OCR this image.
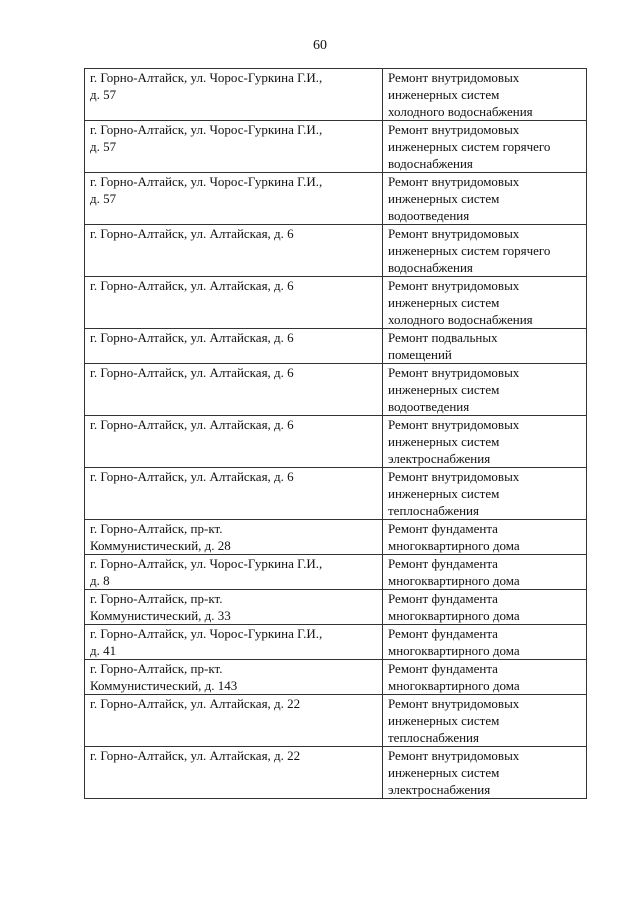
60
г. Горно-Алтайск, ул. Чорос-Гуркина Г.И.,
д. 57	Ремонт внутридомовых
инженерных систем
холодного водоснабжения

г. Горно-Алтайск, ул. Чорос-Гуркина Г.И.,
д. 57	Ремонт внутридомовых
инженерных систем горячего
водоснабжения

г. Горно-Алтайск, ул. Чорос-Гуркина Г.И.,
д. 57	Ремонт внутридомовых
инженерных систем
водоотведения

г. Горно-Алтайск, ул. Алтайская, д. 6	Ремонт внутридомовых
инженерных систем горячего
водоснабжения

г. Горно-Алтайск, ул. Алтайская, д. 6	Ремонт внутридомовых
инженерных систем
холодного водоснабжения

г. Горно-Алтайск, ул. Алтайская, д. 6	Ремонт подвальных
помещений

г. Горно-Алтайск, ул. Алтайская, д. 6	Ремонт внутридомовых
инженерных систем
водоотведения

г. Горно-Алтайск, ул. Алтайская, д. 6	Ремонт внутридомовых
инженерных систем
электроснабжения

г. Горно-Алтайск, ул. Алтайская, д. 6	Ремонт внутридомовых
инженерных систем
теплоснабжения

г. Горно-Алтайск, пр-кт.
Коммунистический, д. 28	Ремонт фундамента
многоквартирного дома

г. Горно-Алтайск, ул. Чорос-Гуркина Г.И.,
д. 8	Ремонт фундамента
многоквартирного дома

г. Горно-Алтайск, пр-кт.
Коммунистический, д. 33	Ремонт фундамента
многоквартирного дома

г. Горно-Алтайск, ул. Чорос-Гуркина Г.И.,
д. 41	Ремонт фундамента
многоквартирного дома

г. Горно-Алтайск, пр-кт.
Коммунистический, д. 143	Ремонт фундамента
многоквартирного дома

г. Горно-Алтайск, ул. Алтайская, д. 22	Ремонт внутридомовых
инженерных систем
теплоснабжения

г. Горно-Алтайск, ул. Алтайская, д. 22	Ремонт внутридомовых
инженерных систем
электроснабжения
